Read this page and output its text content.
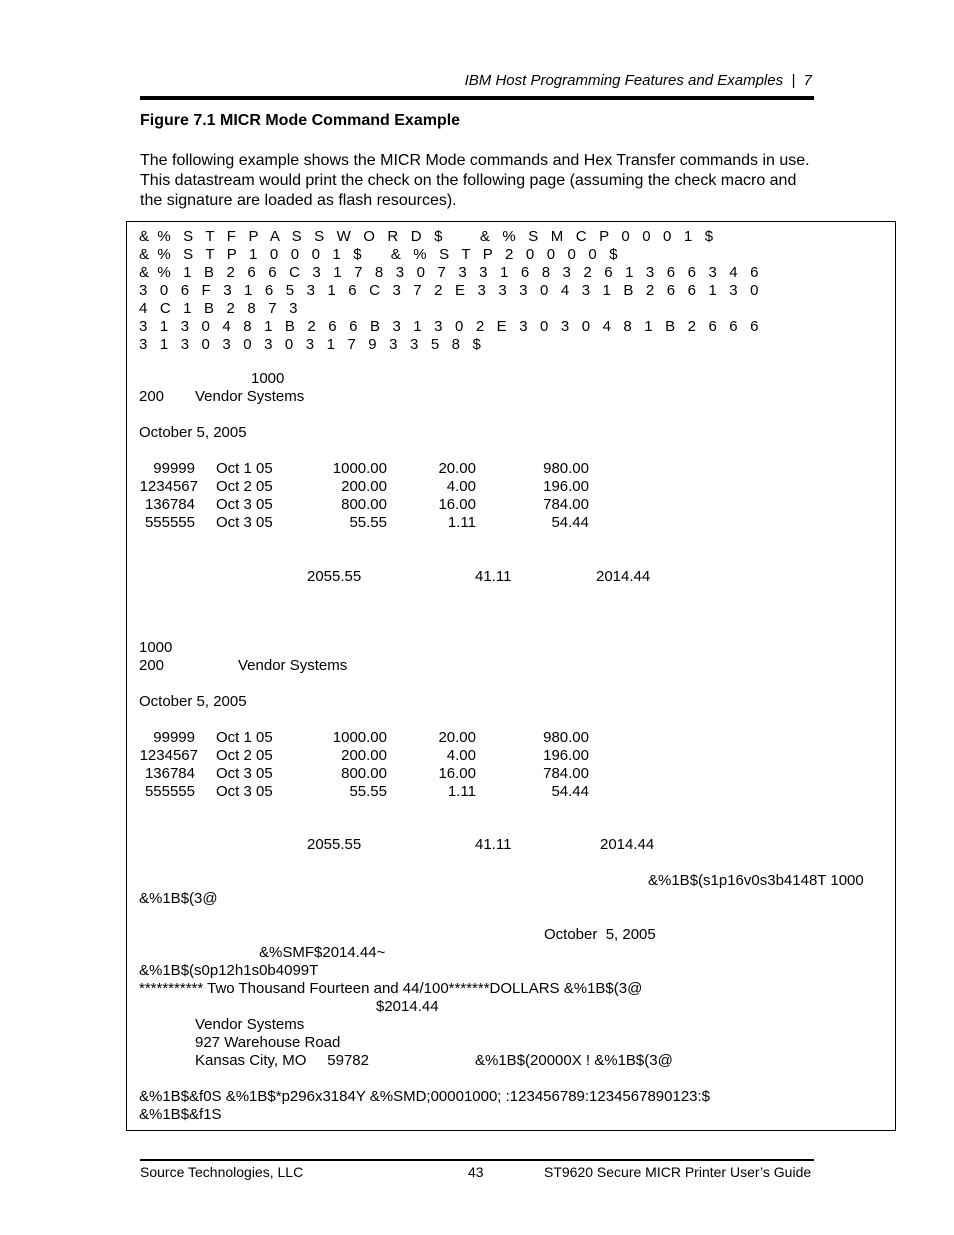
IBM Host Programming Features and Examples  |  7
Figure 7.1 MICR Mode Command Example
The following example shows the MICR Mode commands and Hex Transfer commands in use. This datastream would print the check on the following page (assuming the check macro and the signature are loaded as flash resources).
&  %   S   T   F   P   A   S   S   W   O   R   D   $         &   %   S   M   C   P   0   0   0   1   $
&  %   S   T   P   1   0   0   0   1   $       &   %   S   T   P   2   0   0   0   0   $
&  %   1   B   2   6   6   C   3   1   7   8   3   0   7   3   3   1   6   8   3   2   6   1   3   6   6   3   4   6
3   0   6   F   3   1   6   5   3   1   6   C   3   7   2   E   3   3   3   0   4   3   1   B   2   6   6   1   3   0
4   C   1   B   2   8   7   3
3   1   3   0   4   8   1   B   2   6   6   B   3   1   3   0   2   E   3   0   3   0   4   8   1   B   2   6   6   6
3   1   3   0   3   0   3   0   3   1   7   9   3   3   5   8   $
1000
200 Vendor Systems
October 5, 2005
99999 Oct 1 05	1000.00	20.00	980.00
1234567 Oct 2 05	200.00	4.00	196.00
136784 Oct 3 05	800.00	16.00	784.00
555555 Oct 3 05	55.55	1.11	54.44
2055.55	41.11	2014.44
1000
200	Vendor Systems
October 5, 2005
99999 Oct 1 05	1000.00	20.00	980.00
1234567 Oct 2 05	200.00	4.00	196.00
136784 Oct 3 05	800.00	16.00	784.00
555555 Oct 3 05	55.55	1.11	54.44
2055.55	41.11	2014.44
&%1B$(s1p16v0s3b4148T 1000
&%1B$(3@
October  5, 2005
&%SMF$2014.44~
&%1B$(s0p12h1s0b4099T
*********** Two Thousand Fourteen and 44/100*******DOLLARS &%1B$(3@
$2014.44
Vendor Systems
927 Warehouse Road
Kansas City, MO     59782	&%1B$(20000X ! &%1B$(3@
&%1B$&f0S &%1B$*p296x3184Y &%SMD;00001000; :123456789:1234567890123:$
&%1B$&f1S
Source Technologies, LLC	43	ST9620 Secure MICR Printer User’s Guide
